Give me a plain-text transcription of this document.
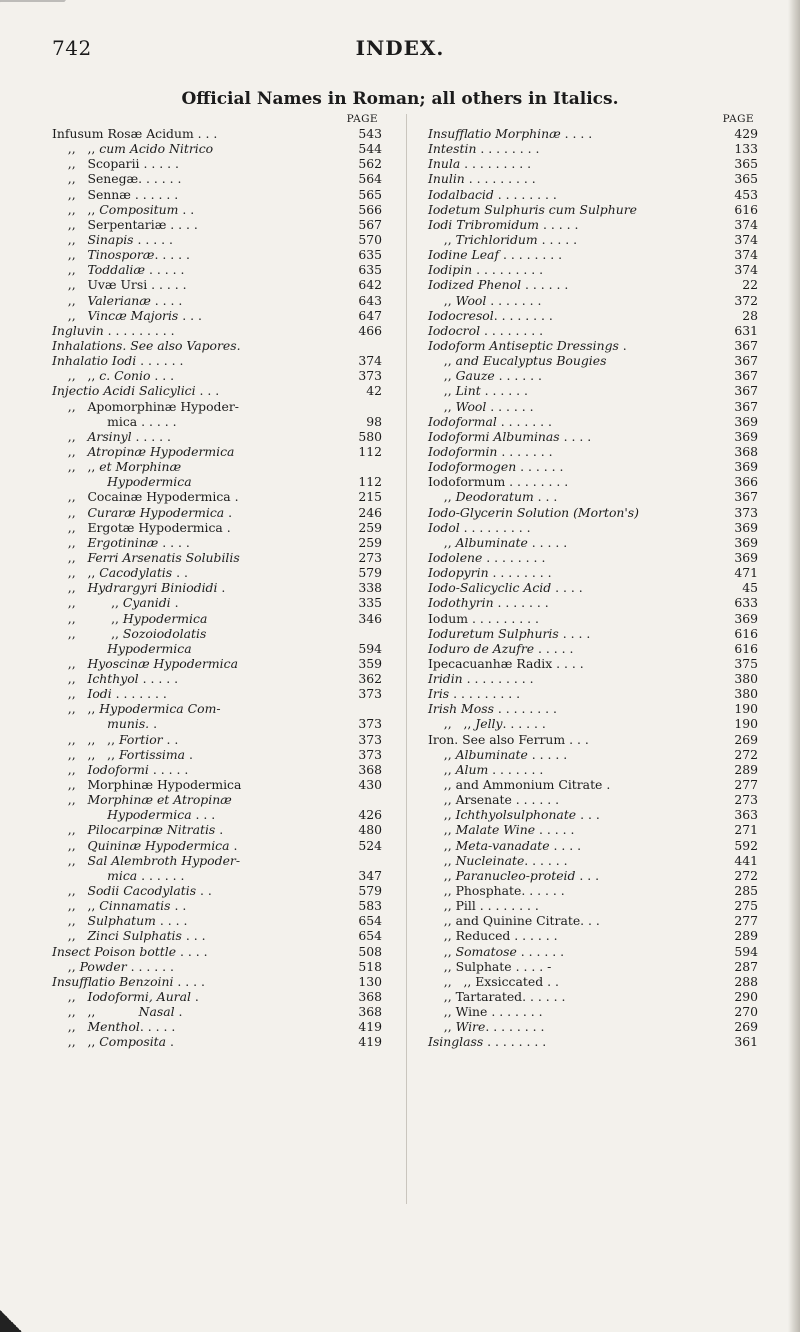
742	INDEX.
Official Names in Roman; all others in Italics.
PAGE
Infusum Rosæ Acidum . . .	543
,,   ,, cum Acido Nitrico	544
,,   Scoparii . . . . .	562
,,   Senegæ. . . . . .	564
,,   Sennæ . . . . . .	565
,,   ,, Compositum . .	566
,,   Serpentariæ . . . .	567
,,   Sinapis . . . . .	570
,,   Tinosporæ. . . . .	635
,,   Toddaliæ . . . . .	635
,,   Uvæ Ursi . . . . .	642
,,   Valerianæ . . . .	643
,,   Vincæ Majoris . . .	647
Ingluvin . . . . . . . . .	466
Inhalations. See also Vapores.
Inhalatio Iodi . . . . . .	374
,,   ,, c. Conio . . .	373
Injectio Acidi Salicylici . . .	42
,,   Apomorphinæ Hypoder-
mica . . . . .	98
,,   Arsinyl . . . . .	580
,,   Atropinæ Hypodermica	112
,,   ,, et Morphinæ
Hypodermica	112
,,   Cocainæ Hypodermica .	215
,,   Curaræ Hypodermica .	246
,,   Ergotæ Hypodermica .	259
,,   Ergotininæ . . . .	259
,,   Ferri Arsenatis Solubilis	273
,,   ,, Cacodylatis . .	579
,,   Hydrargyri Biniodidi .	338
,,         ,, Cyanidi .	335
,,         ,, Hypodermica	346
,,         ,, Sozoiodolatis
Hypodermica	594
,,   Hyoscinæ Hypodermica	359
,,   Ichthyol . . . . .	362
,,   Iodi . . . . . . .	373
,,   ,, Hypodermica Com-
munis. .	373
,,   ,,   ,, Fortior . .	373
,,   ,,   ,, Fortissima .	373
,,   Iodoformi . . . . .	368
,,   Morphinæ Hypodermica	430
,,   Morphinæ et Atropinæ
Hypodermica . . .	426
,,   Pilocarpinæ Nitratis .	480
,,   Quininæ Hypodermica .	524
,,   Sal Alembroth Hypoder-
mica . . . . . .	347
,,   Sodii Cacodylatis . .	579
,,   ,, Cinnamatis . .	583
,,   Sulphatum . . . .	654
,,   Zinci Sulphatis . . .	654
Insect Poison bottle . . . .	508
,, Powder . . . . . .	518
Insufflatio Benzoini . . . .	130
,,   Iodoformi, Aural .	368
,,   ,,           Nasal .	368
,,   Menthol. . . . .	419
,,   ,, Composita .	419
PAGE
Insufflatio Morphinæ . . . .	429
Intestin . . . . . . . .	133
Inula . . . . . . . . .	365
Inulin . . . . . . . . .	365
Iodalbacid . . . . . . . .	453
Iodetum Sulphuris cum Sulphure	616
Iodi Tribromidum . . . . .	374
,, Trichloridum . . . . .	374
Iodine Leaf . . . . . . . .	374
Iodipin . . . . . . . . .	374
Iodized Phenol . . . . . .	22
,, Wool . . . . . . .	372
Iodocresol. . . . . . . .	28
Iodocrol . . . . . . . .	631
Iodoform Antiseptic Dressings .	367
,, and Eucalyptus Bougies	367
,, Gauze . . . . . .	367
,, Lint . . . . . .	367
,, Wool . . . . . .	367
Iodoformal . . . . . . .	369
Iodoformi Albuminas . . . .	369
Iodoformin . . . . . . .	368
Iodoformogen . . . . . .	369
Iodoformum . . . . . . . .	366
,, Deodoratum . . .	367
Iodo-Glycerin Solution (Morton's)	373
Iodol . . . . . . . . .	369
,, Albuminate . . . . .	369
Iodolene . . . . . . . .	369
Iodopyrin . . . . . . . .	471
Iodo-Salicyclic Acid . . . .	45
Iodothyrin . . . . . . .	633
Iodum . . . . . . . . .	369
Ioduretum Sulphuris . . . .	616
Ioduro de Azufre . . . . .	616
Ipecacuanhæ Radix . . . .	375
Iridin . . . . . . . . .	380
Iris . . . . . . . . .	380
Irish Moss . . . . . . . .	190
,,   ,, Jelly. . . . . .	190
Iron. See also Ferrum . . .	269
,, Albuminate . . . . .	272
,, Alum . . . . . . .	289
,, and Ammonium Citrate .	277
,, Arsenate . . . . . .	273
,, Ichthyolsulphonate . . .	363
,, Malate Wine . . . . .	271
,, Meta-vanadate . . . .	592
,, Nucleinate. . . . . .	441
,, Paranucleo-proteid . . .	272
,, Phosphate. . . . . .	285
,, Pill . . . . . . . .	275
,, and Quinine Citrate. . .	277
,, Reduced . . . . . .	289
,, Somatose . . . . . .	594
,, Sulphate . . . . -	287
,,   ,, Exsiccated . .	288
,, Tartarated. . . . . .	290
,, Wine . . . . . . .	270
,, Wire. . . . . . . .	269
Isinglass . . . . . . . .	361
